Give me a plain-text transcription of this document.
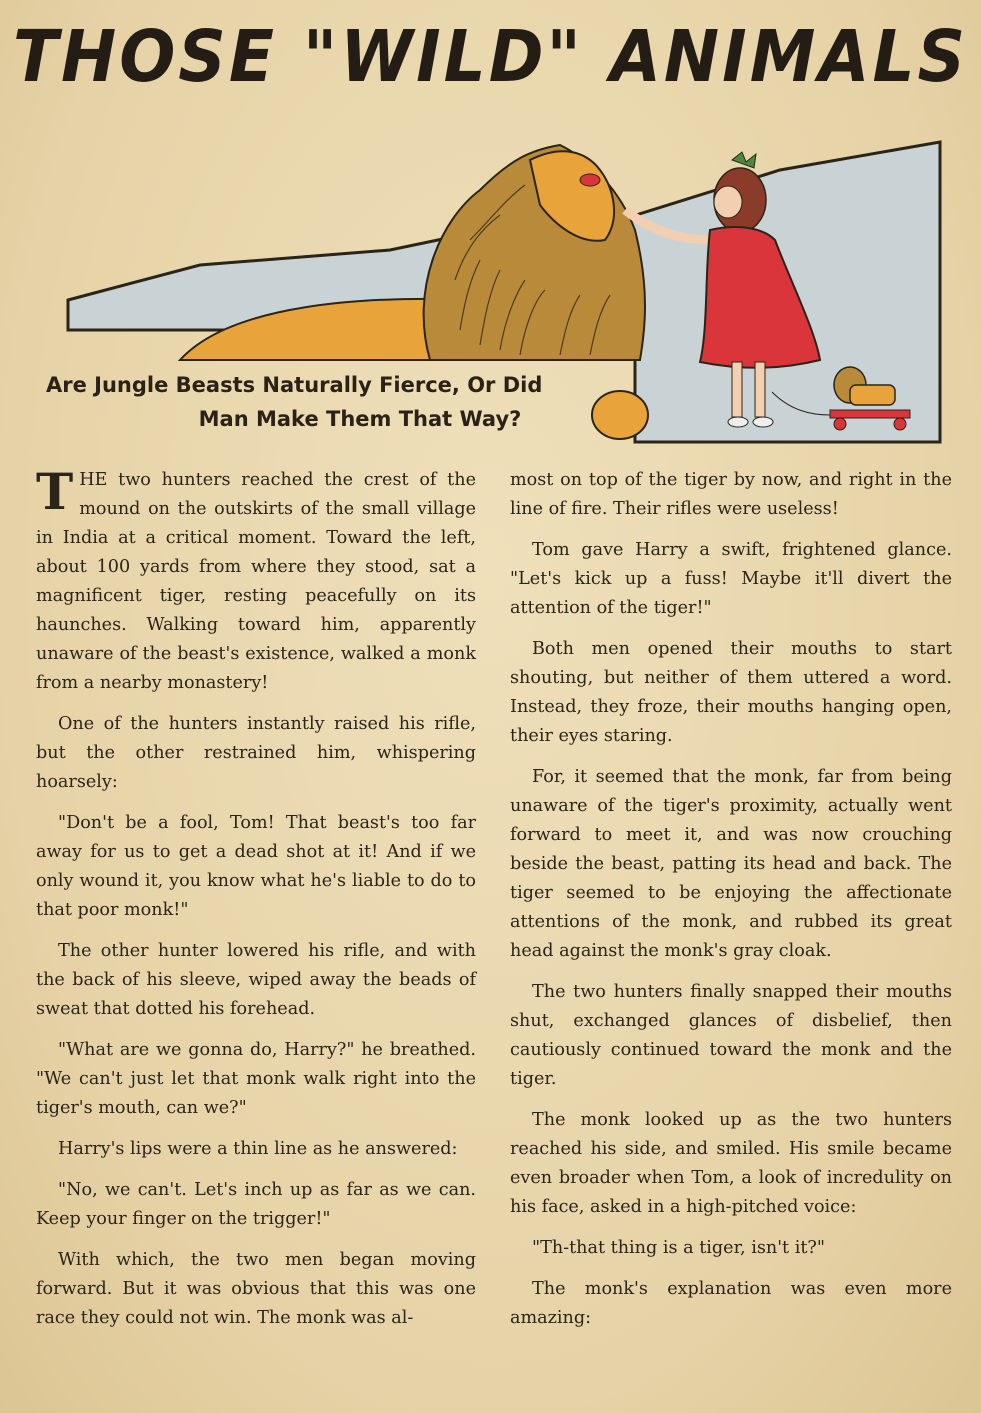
THOSE "WILD" ANIMALS
Are Jungle Beasts Naturally Fierce, Or Did
Man Make Them That Way?

THE two hunters reached the crest of the mound on the outskirts of the small village in India at a critical moment. Toward the left, about 100 yards from where they stood, sat a magnificent tiger, resting peacefully on its haunches. Walking toward him, apparently unaware of the beast's existence, walked a monk from a nearby monastery!

One of the hunters instantly raised his rifle, but the other restrained him, whispering hoarsely:

"Don't be a fool, Tom! That beast's too far away for us to get a dead shot at it! And if we only wound it, you know what he's liable to do to that poor monk!"

The other hunter lowered his rifle, and with the back of his sleeve, wiped away the beads of sweat that dotted his forehead.

"What are we gonna do, Harry?" he breathed. "We can't just let that monk walk right into the tiger's mouth, can we?"

Harry's lips were a thin line as he answered:

"No, we can't. Let's inch up as far as we can. Keep your finger on the trigger!"

With which, the two men began moving forward. But it was obvious that this was one race they could not win. The monk was al-

most on top of the tiger by now, and right in the line of fire. Their rifles were useless!

Tom gave Harry a swift, frightened glance. "Let's kick up a fuss! Maybe it'll divert the attention of the tiger!"

Both men opened their mouths to start shouting, but neither of them uttered a word. Instead, they froze, their mouths hanging open, their eyes staring.

For, it seemed that the monk, far from being unaware of the tiger's proximity, actually went forward to meet it, and was now crouching beside the beast, patting its head and back. The tiger seemed to be enjoying the affectionate attentions of the monk, and rubbed its great head against the monk's gray cloak.

The two hunters finally snapped their mouths shut, exchanged glances of disbelief, then cautiously continued toward the monk and the tiger.

The monk looked up as the two hunters reached his side, and smiled. His smile became even broader when Tom, a look of incredulity on his face, asked in a high-pitched voice:

"Th-that thing is a tiger, isn't it?"

The monk's explanation was even more amazing:
